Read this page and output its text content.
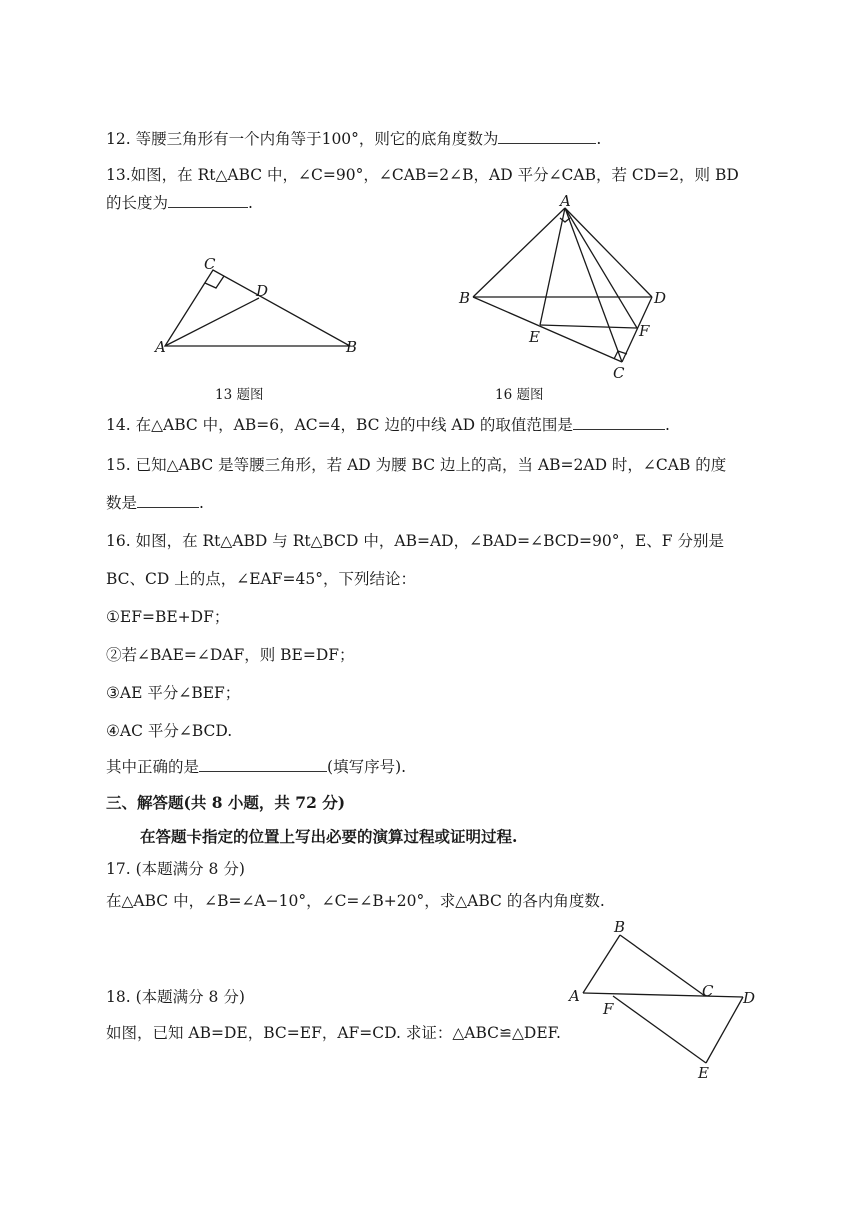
12. 等腰三角形有一个内角等于100°，则它的底角度数为	.
13.如图，在 Rt△ABC 中，∠C=90°，∠CAB=2∠B，AD 平分∠CAB，若 CD=2，则 BD
的长度为	.
A	B
C
D
A
B
C
D
E	F
A
B
C D
E
F
13 题图	16 题图
14. 在△ABC 中，AB=6，AC=4，BC 边的中线 AD 的取值范围是	.
15. 已知△ABC 是等腰三角形，若 AD 为腰 BC 边上的高，当 AB=2AD 时，∠CAB 的度
数是	.
16. 如图，在 Rt△ABD 与 Rt△BCD 中，AB=AD，∠BAD=∠BCD=90°，E、F 分别是
BC、CD 上的点，∠EAF=45°，下列结论：
①EF=BE+DF；
②若∠BAE=∠DAF，则 BE=DF；
③AE 平分∠BEF；
④AC 平分∠BCD.
其中正确的是	(填写序号).
三、解答题(共 8 小题，共 72 分)
在答题卡指定的位置上写出必要的演算过程或证明过程.
17. (本题满分 8 分)
在△ABC 中，∠B=∠A−10°，∠C=∠B+20°，求△ABC 的各内角度数.
18. (本题满分 8 分)
如图，已知 AB=DE，BC=EF，AF=CD. 求证：△ABC≌△DEF.
